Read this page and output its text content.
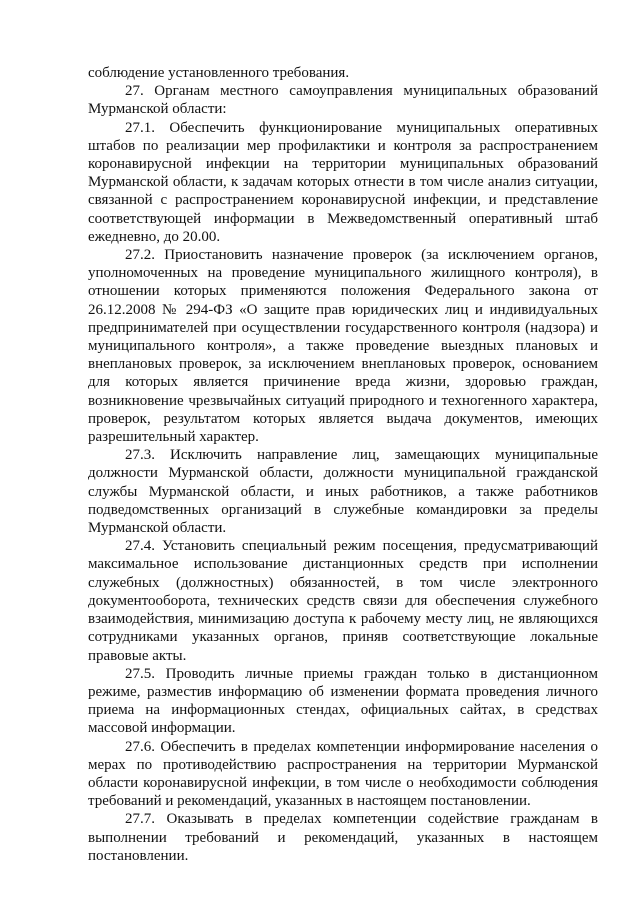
соблюдение установленного требования.

27. Органам местного самоуправления муниципальных образований Мурманской области:

27.1. Обеспечить функционирование муниципальных оперативных штабов по реализации мер профилактики и контроля за распространением коронавирусной инфекции на территории муниципальных образований Мурманской области, к задачам которых отнести в том числе анализ ситуации, связанной с распространением коронавирусной инфекции, и представление соответствующей информации в Межведомственный оперативный штаб ежедневно, до 20.00.

27.2. Приостановить назначение проверок (за исключением органов, уполномоченных на проведение муниципального жилищного контроля), в отношении которых применяются положения Федерального закона от 26.12.2008 № 294-ФЗ «О защите прав юридических лиц и индивидуальных предпринимателей при осуществлении государственного контроля (надзора) и муниципального контроля», а также проведение выездных плановых и внеплановых проверок, за исключением внеплановых проверок, основанием для которых является причинение вреда жизни, здоровью граждан, возникновение чрезвычайных ситуаций природного и техногенного характера, проверок, результатом которых является выдача документов, имеющих разрешительный характер.

27.3. Исключить направление лиц, замещающих муниципальные должности Мурманской области, должности муниципальной гражданской службы Мурманской области, и иных работников, а также работников подведомственных организаций в служебные командировки за пределы Мурманской области.

27.4. Установить специальный режим посещения, предусматривающий максимальное использование дистанционных средств при исполнении служебных (должностных) обязанностей, в том числе электронного документооборота, технических средств связи для обеспечения служебного взаимодействия, минимизацию доступа к рабочему месту лиц, не являющихся сотрудниками указанных органов, приняв соответствующие локальные правовые акты.

27.5. Проводить личные приемы граждан только в дистанционном режиме, разместив информацию об изменении формата проведения личного приема на информационных стендах, официальных сайтах, в средствах массовой информации.

27.6. Обеспечить в пределах компетенции информирование населения о мерах по противодействию распространения на территории Мурманской области коронавирусной инфекции, в том числе о необходимости соблюдения требований и рекомендаций, указанных в настоящем постановлении.

27.7. Оказывать в пределах компетенции содействие гражданам в выполнении требований и рекомендаций, указанных в настоящем постановлении.
